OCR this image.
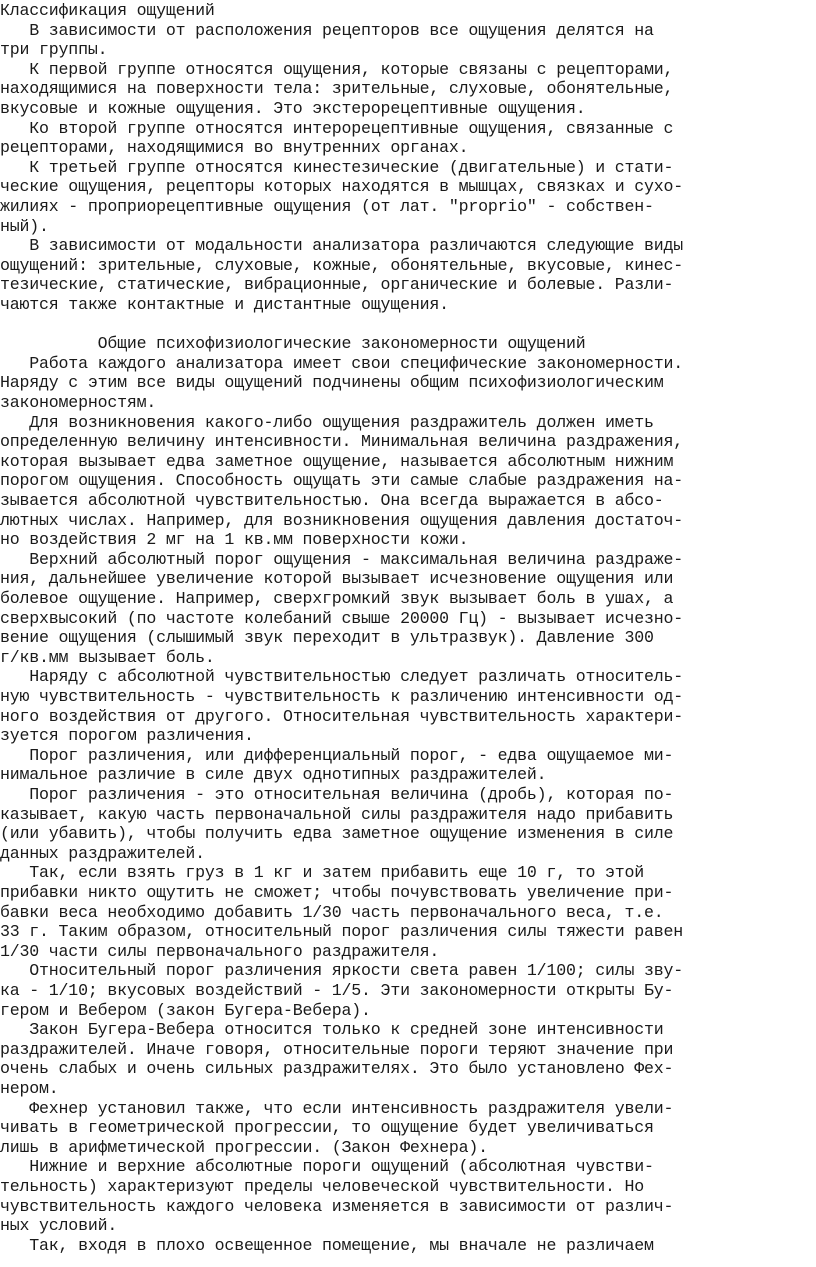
Классификация ощущений
В зависимости от расположения рецепторов все ощущения делятся на
три группы.
К первой группе относятся ощущения, которые связаны с рецепторами,
находящимися на поверхности тела: зрительные, слуховые, обонятельные,
вкусовые и кожные ощущения. Это экстерорецептивные ощущения.
Ко второй группе относятся интерорецептивные ощущения, связанные с
рецепторами, находящимися во внутренних органах.
К третьей группе относятся кинестезические (двигательные) и стати-
ческие ощущения, рецепторы которых находятся в мышцах, связках и сухо-
жилиях - проприорецептивные ощущения (от лат. "proprio" - собствен-
ный).
В зависимости от модальности анализатора различаются следующие виды
ощущений: зрительные, слуховые, кожные, обонятельные, вкусовые, кинес-
тезические, статические, вибрационные, органические и болевые. Разли-
чаются также контактные и дистантные ощущения.
Общие психофизиологические закономерности ощущений
Работа каждого анализатора имеет свои специфические закономерности.
Наряду с этим все виды ощущений подчинены общим психофизиологическим
закономерностям.
Для возникновения какого-либо ощущения раздражитель должен иметь
определенную величину интенсивности. Минимальная величина раздражения,
которая вызывает едва заметное ощущение, называется абсолютным нижним
порогом ощущения. Способность ощущать эти самые слабые раздражения на-
зывается абсолютной чувствительностью. Она всегда выражается в абсо-
лютных числах. Например, для возникновения ощущения давления достаточ-
но воздействия 2 мг на 1 кв.мм поверхности кожи.
Верхний абсолютный порог ощущения - максимальная величина раздраже-
ния, дальнейшее увеличение которой вызывает исчезновение ощущения или
болевое ощущение. Например, сверхгромкий звук вызывает боль в ушах, а
сверхвысокий (по частоте колебаний свыше 20000 Гц) - вызывает исчезно-
вение ощущения (слышимый звук переходит в ультразвук). Давление 300
г/кв.мм вызывает боль.
Наряду с абсолютной чувствительностью следует различать относитель-
ную чувствительность - чувствительность к различению интенсивности од-
ного воздействия от другого. Относительная чувствительность характери-
зуется порогом различения.
Порог различения, или дифференциальный порог, - едва ощущаемое ми-
нимальное различие в силе двух однотипных раздражителей.
Порог различения - это относительная величина (дробь), которая по-
казывает, какую часть первоначальной силы раздражителя надо прибавить
(или убавить), чтобы получить едва заметное ощущение изменения в силе
данных раздражителей.
Так, если взять груз в 1 кг и затем прибавить еще 10 г, то этой
прибавки никто ощутить не сможет; чтобы почувствовать увеличение при-
бавки веса необходимо добавить 1/30 часть первоначального веса, т.е.
33 г. Таким образом, относительный порог различения силы тяжести равен
1/30 части силы первоначального раздражителя.
Относительный порог различения яркости света равен 1/100; силы зву-
ка - 1/10; вкусовых воздействий - 1/5. Эти закономерности открыты Бу-
гером и Вебером (закон Бугера-Вебера).
Закон Бугера-Вебера относится только к средней зоне интенсивности
раздражителей. Иначе говоря, относительные пороги теряют значение при
очень слабых и очень сильных раздражителях. Это было установлено Фех-
нером.
Фехнер установил также, что если интенсивность раздражителя увели-
чивать в геометрической прогрессии, то ощущение будет увеличиваться
лишь в арифметической прогрессии. (Закон Фехнера).
Нижние и верхние абсолютные пороги ощущений (абсолютная чувстви-
тельность) характеризуют пределы человеческой чувствительности. Но
чувствительность каждого человека изменяется в зависимости от различ-
ных условий.
Так, входя в плохо освещенное помещение, мы вначале не различаем
